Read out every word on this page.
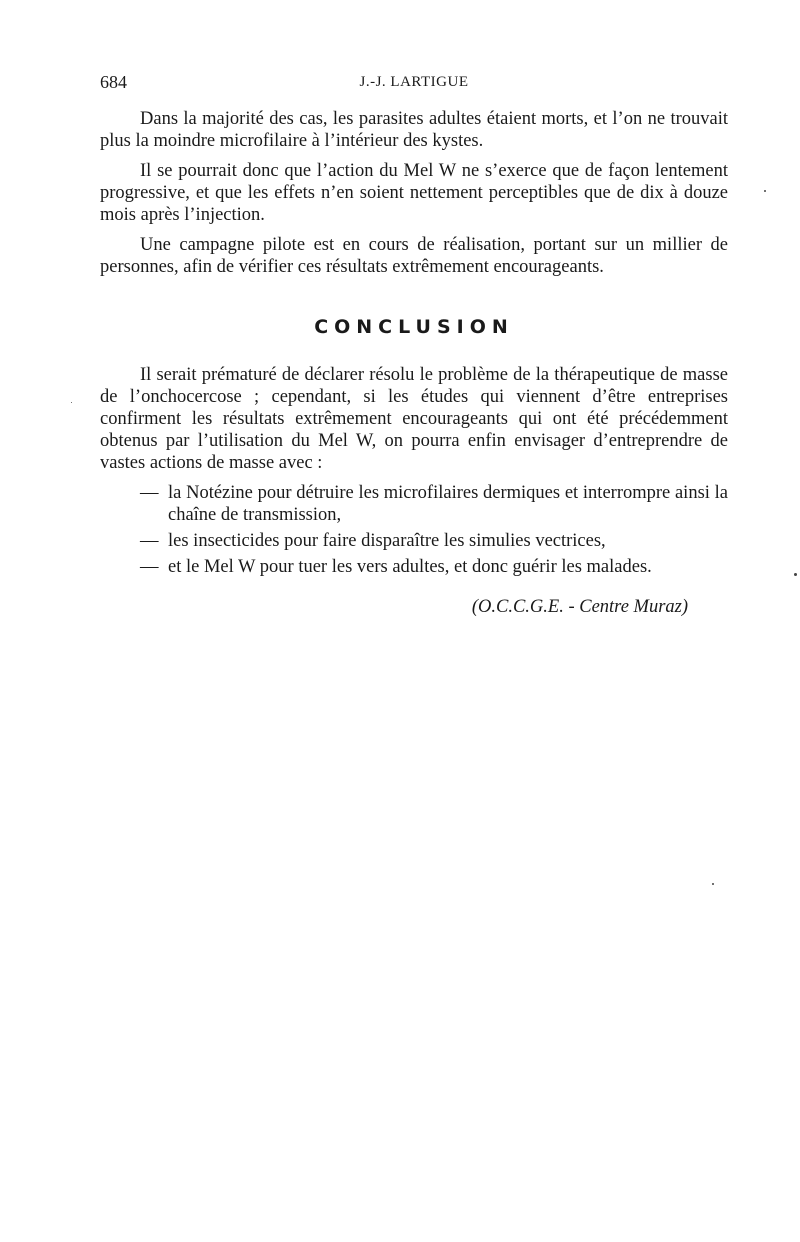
684	J.-J. LARTIGUE

Dans la majorité des cas, les parasites adultes étaient morts, et l’on ne trouvait plus la moindre microfilaire à l’intérieur des kystes.

Il se pourrait donc que l’action du Mel W ne s’exerce que de façon lentement progressive, et que les effets n’en soient nettement perceptibles que de dix à douze mois après l’injection.

Une campagne pilote est en cours de réalisation, portant sur un millier de personnes, afin de vérifier ces résultats extrêmement encourageants.

CONCLUSION

Il serait prématuré de déclarer résolu le problème de la thérapeutique de masse de l’onchocercose ; cependant, si les études qui viennent d’être entreprises confirment les résultats extrêmement encourageants qui ont été précédemment obtenus par l’utilisation du Mel W, on pourra enfin envisager d’entreprendre de vastes actions de masse avec :

— la Notézine pour détruire les microfilaires dermiques et interrompre ainsi la chaîne de transmission,
— les insecticides pour faire disparaître les simulies vectrices,
— et le Mel W pour tuer les vers adultes, et donc guérir les malades.
(O.C.C.G.E. - Centre Muraz)
